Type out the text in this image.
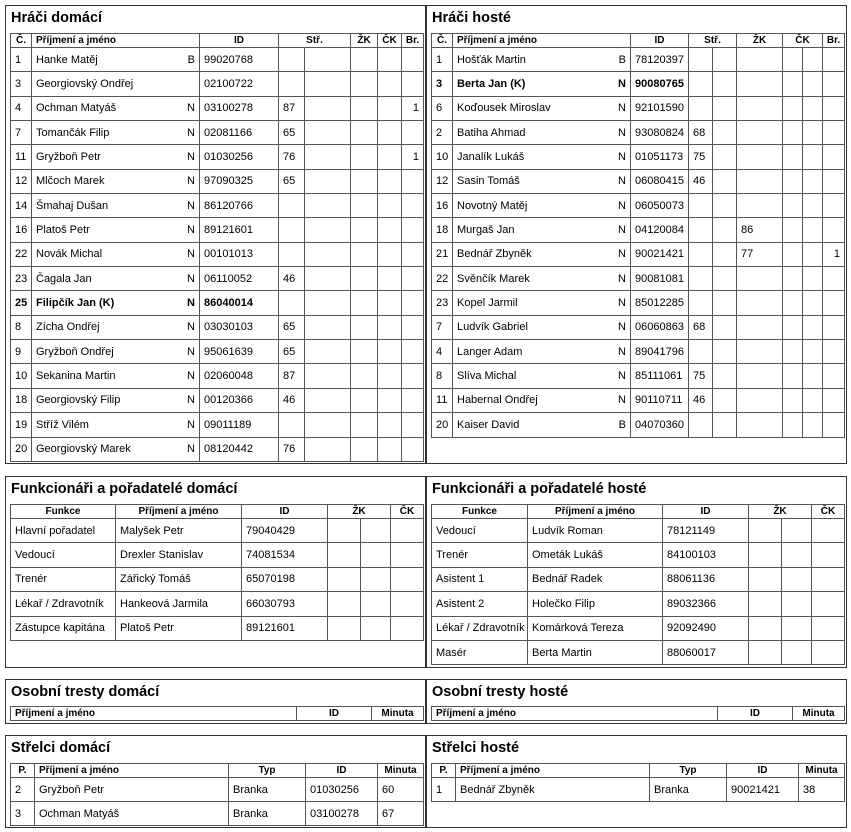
Hráči domácí
Č.	Příjmení a jméno	ID	Stř.		ŽK	ČK	Br.
1	Hanke Matěj B	99020768					
3	Georgiovský Ondřej	02100722					
4	Ochman Matyáš N	03100278	87				1
7	Tomančák Filip N	02081166	65				
11	Gryžboň Petr N	01030256	76				1
12	Mlčoch Marek N	97090325	65				
14	Šmahaj Dušan N	86120766					
16	Platoš Petr N	89121601					
22	Novák Michal N	00101013					
23	Čagala Jan N	06110052	46				
25	Filipčík Jan (K) N	86040014					
8	Zícha Ondřej N	03030103	65				
9	Gryžboň Ondřej N	95061639	65				
10	Sekanina Martin N	02060048	87				
18	Georgiovský Filip N	00120366	46				
19	Stříž Vilém N	09011189					
20	Georgiovský Marek N	08120442	76				
Hráči hosté
Č.	Příjmení a jméno	ID	Stř.		ŽK	ČK		Br.
1	Hošťák Martin B	78120397						
3	Berta Jan (K) N	90080765						
6	Koďousek Miroslav N	92101590						
2	Batiha Ahmad N	93080824	68					
10	Janalík Lukáš N	01051173	75					
12	Sasin Tomáš N	06080415	46					
16	Novotný Matěj N	06050073						
18	Murgaš Jan N	04120084			86			
21	Bednář Zbyněk N	90021421			77			1
22	Svěnčík Marek N	90081081						
23	Kopel Jarmil N	85012285						
7	Ludvík Gabriel N	06060863	68					
4	Langer Adam N	89041796						
8	Slíva Michal N	85111061	75					
11	Habernal Ondřej N	90110711	46					
20	Kaiser David B	04070360						
Funkcionáři a pořadatelé domácí
Funkce	Příjmení a jméno	ID	ŽK		ČK
Hlavní pořadatel	Malyšek Petr	79040429			
Vedoucí	Drexler Stanislav	74081534			
Trenér	Zářický Tomáš	65070198			
Lékař / Zdravotník	Hankeová Jarmila	66030793			
Zástupce kapitána	Platoš Petr	89121601			
Funkcionáři a pořadatelé hosté
Funkce	Příjmení a jméno	ID	ŽK		ČK
Vedoucí	Ludvík Roman	78121149			
Trenér	Ometák Lukáš	84100103			
Asistent 1	Bednář Radek	88061136			
Asistent 2	Holečko Filip	89032366			
Lékař / Zdravotník	Komárková Tereza	92092490			
Masér	Berta Martin	88060017			
Osobní tresty domácí
Příjmení a jméno	ID	Minuta
Osobní tresty hosté
Příjmení a jméno	ID	Minuta
Střelci domácí
P.	Příjmení a jméno	Typ	ID	Minuta
2	Gryžboň Petr	Branka	01030256	60
3	Ochman Matyáš	Branka	03100278	67
Střelci hosté
P.	Příjmení a jméno	Typ	ID	Minuta
1	Bednář Zbyněk	Branka	90021421	38
